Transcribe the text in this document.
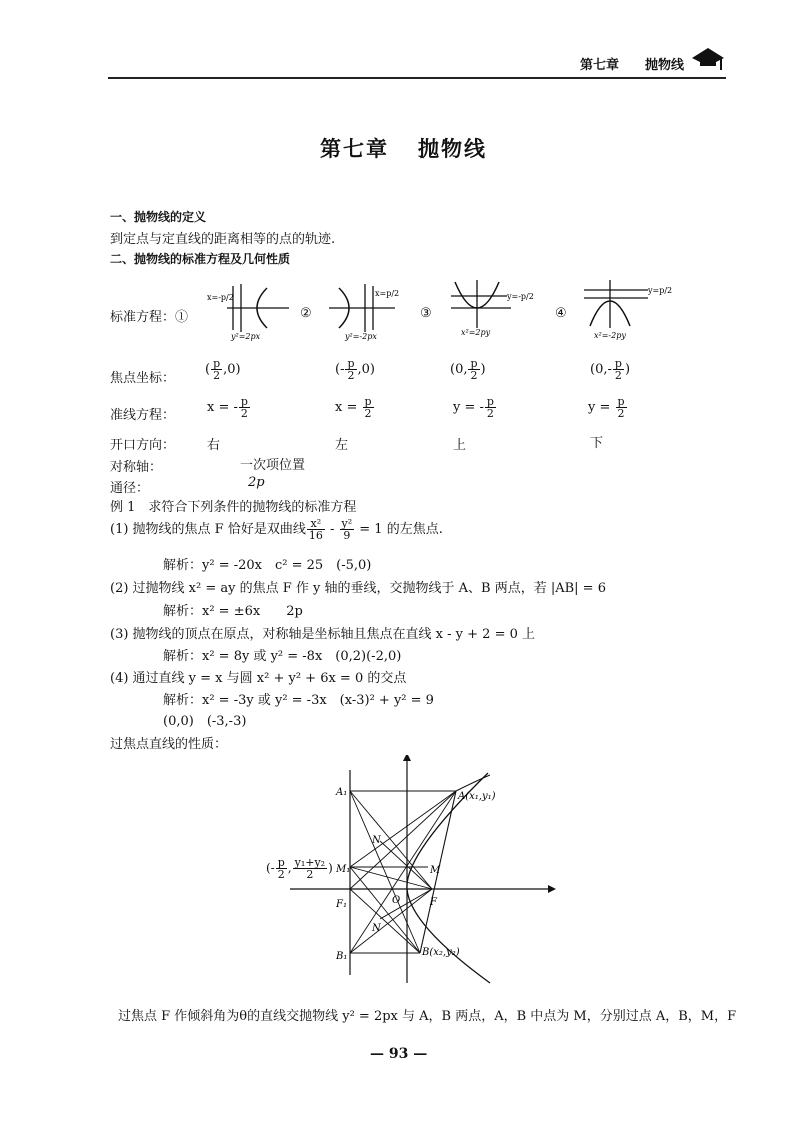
第七章 抛物线
第七章 抛物线
一、抛物线的定义
到定点与定直线的距离相等的点的轨迹.
二、抛物线的标准方程及几何性质
标准方程：①
x=-p/2
y²=2px
②
x=p/2
y²=-2px
③
y=-p/2
x²=2py
④
y=p/2
x²=-2py
焦点坐标：
( $\frac{p}{2} ,0$)	(- $\frac{p}{2} ,0$)	(0, $\frac{p}{2}$ )	($0,- \frac{p}{2}$ )
准线方程：
x = - $\frac{p}{2}$	$x = \frac{p}{2}$	y = - $\frac{p}{2}$	$y = \frac{p}{2}$
开口方向： 右	左	上	下
对称轴：	一次项位置
通径：	2p
例 1　求符合下列条件的抛物线的标准方程
(1) 抛物线的焦点 F 恰好是双曲线 $\frac{\text{x²}}{16} - \frac{\text{y²}}{9} = 1$ 的左焦点.
解析：y² = -20x　c² = 25　(-5,0)
(2) 过抛物线 x² = ay 的焦点 F 作 y 轴的垂线，交抛物线于 A、B 两点，若 |AB| = 6
解析：x² = ±6x　　2p
(3) 抛物线的顶点在原点，对称轴是坐标轴且焦点在直线 x - y + 2 = 0 上
解析：x² = 8y 或 y² = -8x　(0,2)(-2,0)
(4) 通过直线 y = x 与圆 x² + y² + 6x = 0 的交点
解析：x² = -3y 或 y² = -3x　(x-3)² + y² = 9
(0,0)　(-3,-3)
过焦点直线的性质：
A₁	A(x₁,y₁)
M₁	M
F₁	O	F
N
N
B₁	B(x₂,y₂)
(- $\frac{p}{2}$ , $\frac{\text{y₁+y₂}}{2}$ )
过焦点 F 作倾斜角为θ的直线交抛物线 y² = 2px 与 A，B 两点，A，B 中点为 M，分别过点 A，B，M，F
— 93 —
